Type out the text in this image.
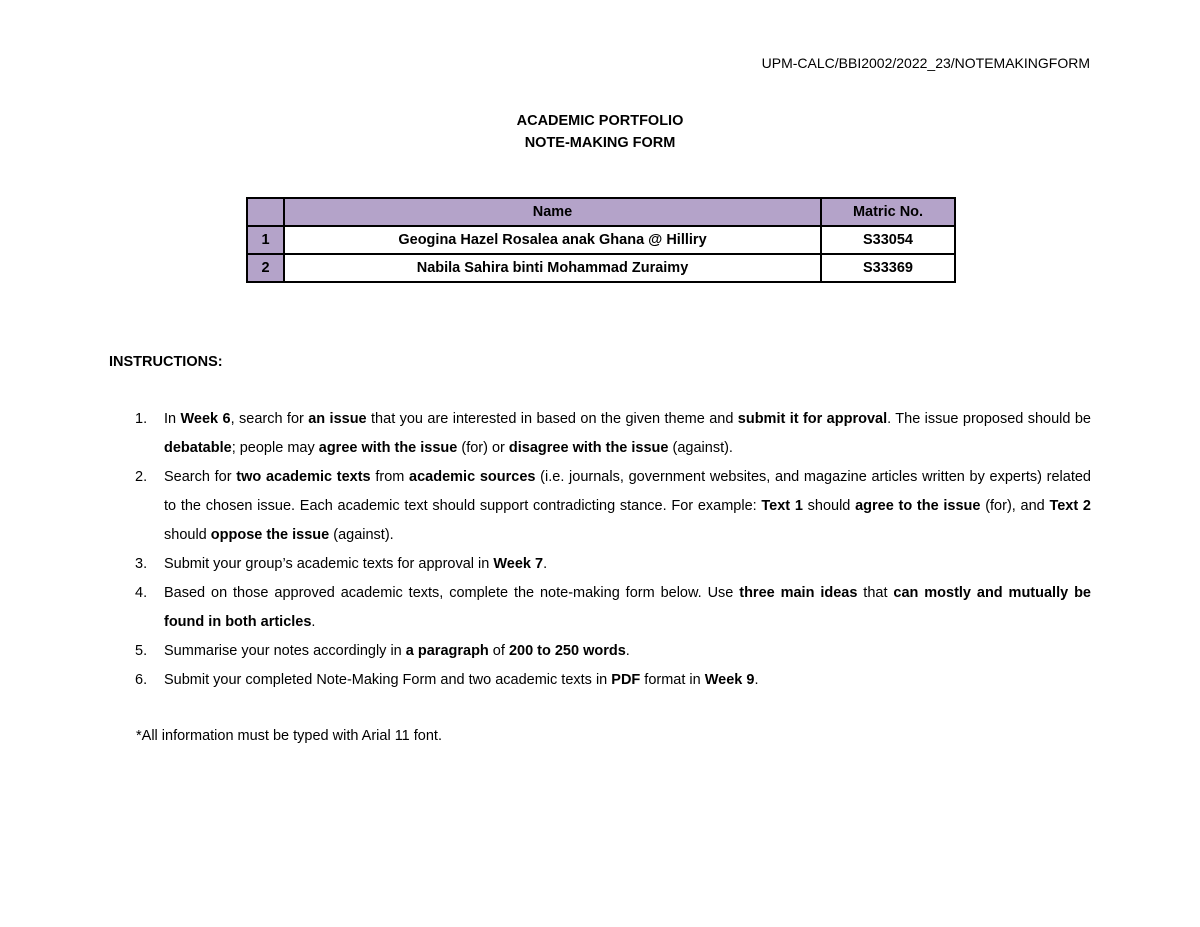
UPM-CALC/BBI2002/2022_23/NOTEMAKINGFORM
ACADEMIC PORTFOLIO
NOTE-MAKING FORM
	Name	Matric No.
1	Geogina Hazel Rosalea anak Ghana @ Hilliry	S33054
2	Nabila Sahira binti Mohammad Zuraimy	S33369
INSTRUCTIONS:
1. In Week 6, search for an issue that you are interested in based on the given theme and submit it for approval. The issue proposed should be debatable; people may agree with the issue (for) or disagree with the issue (against).
2. Search for two academic texts from academic sources (i.e. journals, government websites, and magazine articles written by experts) related to the chosen issue. Each academic text should support contradicting stance. For example: Text 1 should agree to the issue (for), and Text 2 should oppose the issue (against).
3. Submit your group’s academic texts for approval in Week 7.
4. Based on those approved academic texts, complete the note-making form below. Use three main ideas that can mostly and mutually be found in both articles.
5. Summarise your notes accordingly in a paragraph of 200 to 250 words.
6. Submit your completed Note-Making Form and two academic texts in PDF format in Week 9.
*All information must be typed with Arial 11 font.
